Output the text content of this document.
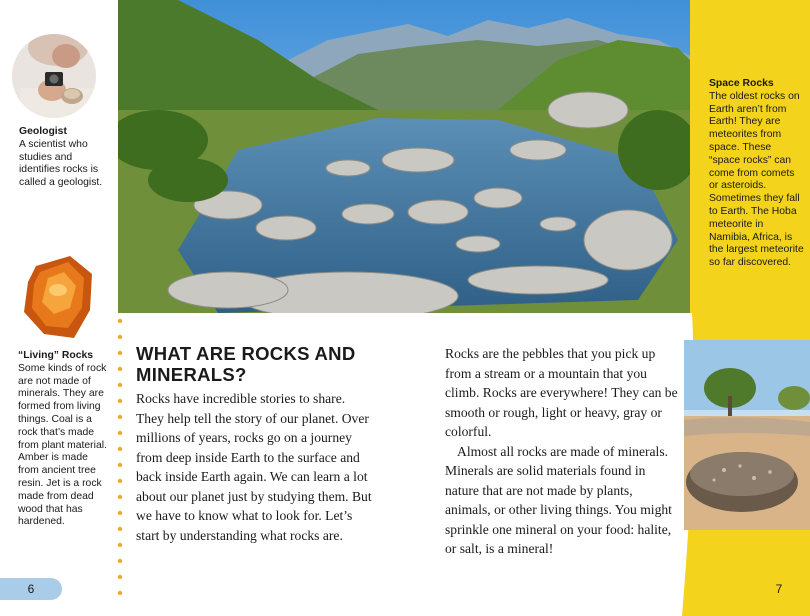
Geologist
A scientist who studies and identifies rocks is called a geologist.
“Living” Rocks
Some kinds of rock are not made of minerals. They are formed from living things. Coal is a rock that’s made from plant material. Amber is made from ancient tree resin. Jet is a rock made from dead wood that has hardened.
Space Rocks
The oldest rocks on Earth aren’t from Earth! They are meteorites from space. These “space rocks” can come from comets or asteroids. Sometimes they fall to Earth. The Hoba meteorite in Namibia, Africa, is the largest meteorite so far discovered.
WHAT ARE ROCKS AND MINERALS?

Rocks have incredible stories to share. They help tell the story of our planet. Over millions of years, rocks go on a journey from deep inside Earth to the surface and back inside Earth again. We can learn a lot about our planet just by studying them. But we have to know what to look for. Let’s start by understanding what rocks are.

Rocks are the pebbles that you pick up from a stream or a mountain that you climb. Rocks are everywhere! They can be smooth or rough, light or heavy, gray or colorful.

Almost all rocks are made of minerals. Minerals are solid materials found in nature that are not made by plants, animals, or other living things. You might sprinkle one mineral on your food: halite, or salt, is a mineral!

6	7
